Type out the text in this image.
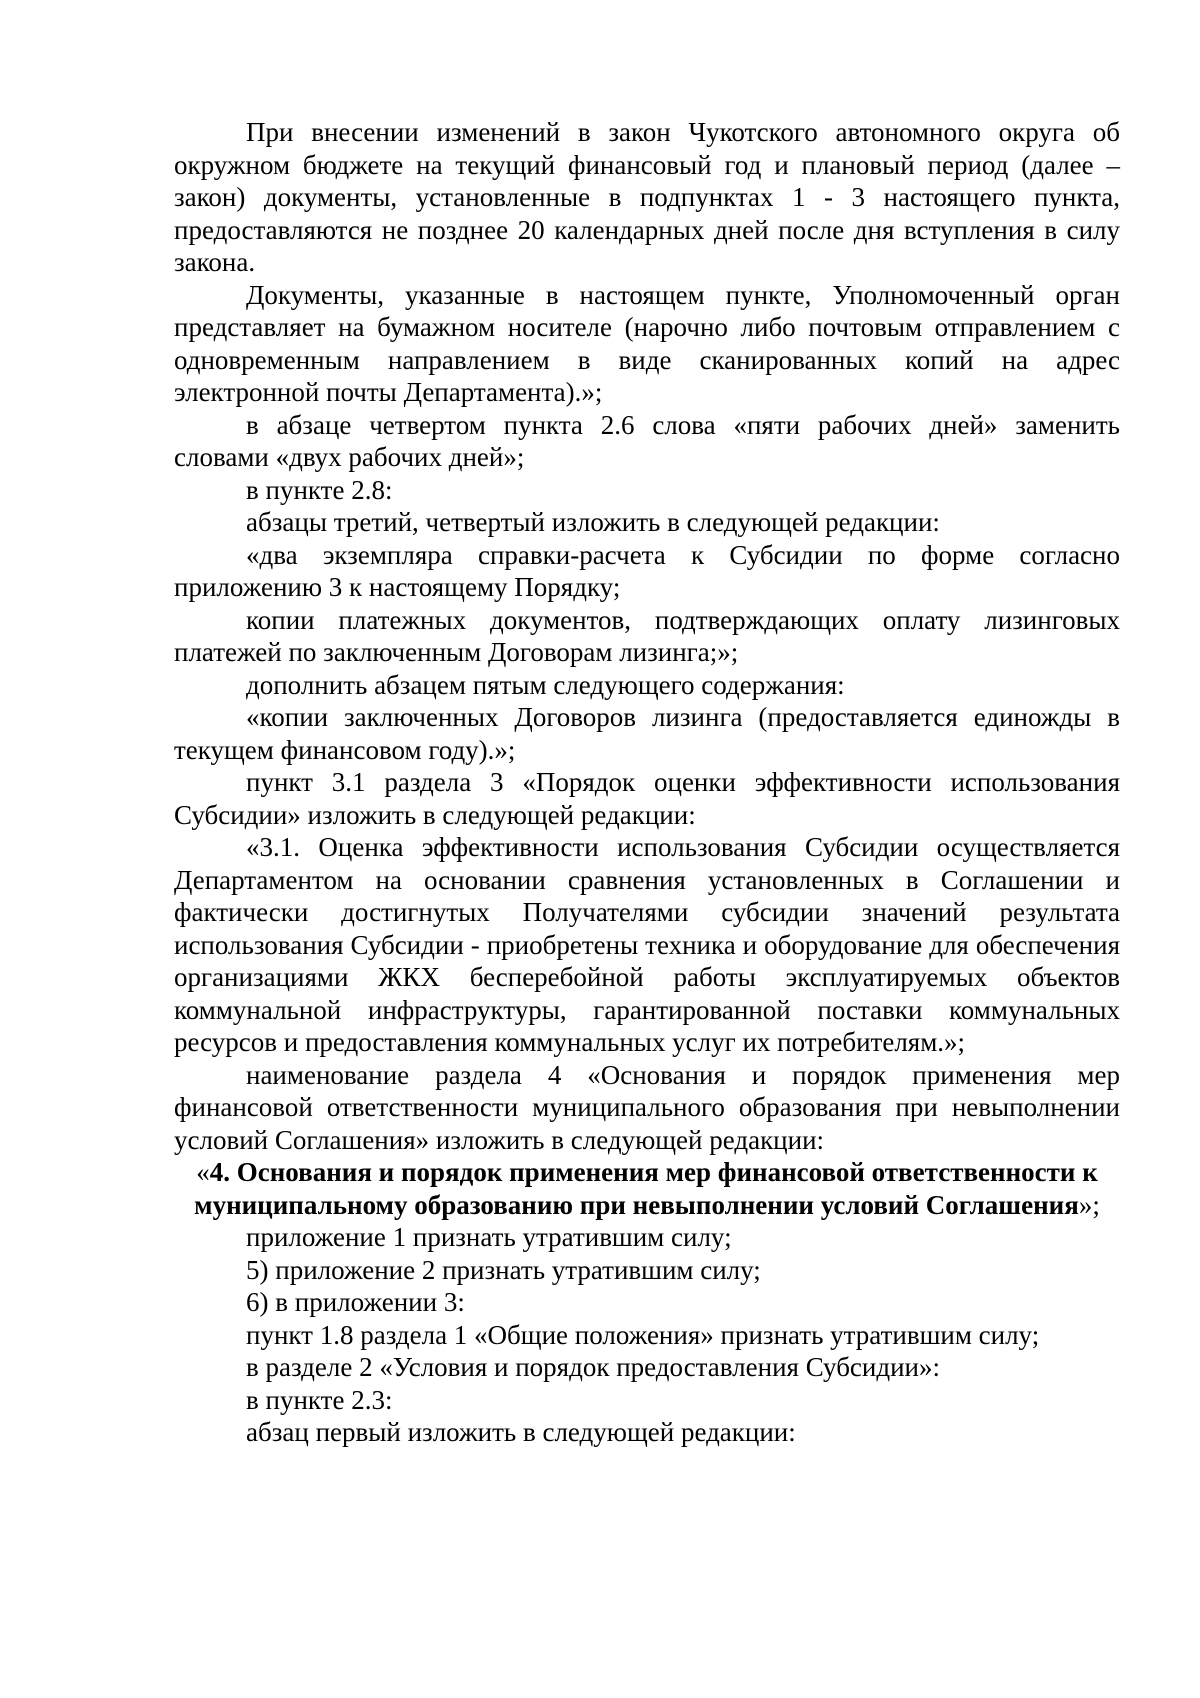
При внесении изменений в закон Чукотского автономного округа об окружном бюджете на текущий финансовый год и плановый период (далее – закон) документы, установленные в подпунктах 1 - 3 настоящего пункта, предоставляются не позднее 20 календарных дней после дня вступления в силу закона.

Документы, указанные в настоящем пункте, Уполномоченный орган представляет на бумажном носителе (нарочно либо почтовым отправлением с одновременным направлением в виде сканированных копий на адрес электронной почты Департамента).»;

в абзаце четвертом пункта 2.6 слова «пяти рабочих дней» заменить словами «двух рабочих дней»;

в пункте 2.8:

абзацы третий, четвертый изложить в следующей редакции:

«два экземпляра справки-расчета к Субсидии по форме согласно приложению 3 к настоящему Порядку;

копии платежных документов, подтверждающих оплату лизинговых платежей по заключенным Договорам лизинга;»;

дополнить абзацем пятым следующего содержания:

«копии заключенных Договоров лизинга (предоставляется единожды в текущем финансовом году).»;

пункт 3.1 раздела 3 «Порядок оценки эффективности использования Субсидии» изложить в следующей редакции:

«3.1. Оценка эффективности использования Субсидии осуществляется Департаментом на основании сравнения установленных в Соглашении и фактически достигнутых Получателями субсидии значений результата использования Субсидии - приобретены техника и оборудование для обеспечения организациями ЖКХ бесперебойной работы эксплуатируемых объектов коммунальной инфраструктуры, гарантированной поставки коммунальных ресурсов и предоставления коммунальных услуг их потребителям.»;

наименование раздела 4 «Основания и порядок применения мер финансовой ответственности муниципального образования при невыполнении условий Соглашения» изложить в следующей редакции:

«4. Основания и порядок применения мер финансовой ответственности к муниципальному образованию при невыполнении условий Соглашения»;

приложение 1 признать утратившим силу;

5) приложение 2 признать утратившим силу;

6) в приложении 3:

пункт 1.8 раздела 1 «Общие положения» признать утратившим силу;

в разделе 2 «Условия и порядок предоставления Субсидии»:

в пункте 2.3:

абзац первый изложить в следующей редакции:
